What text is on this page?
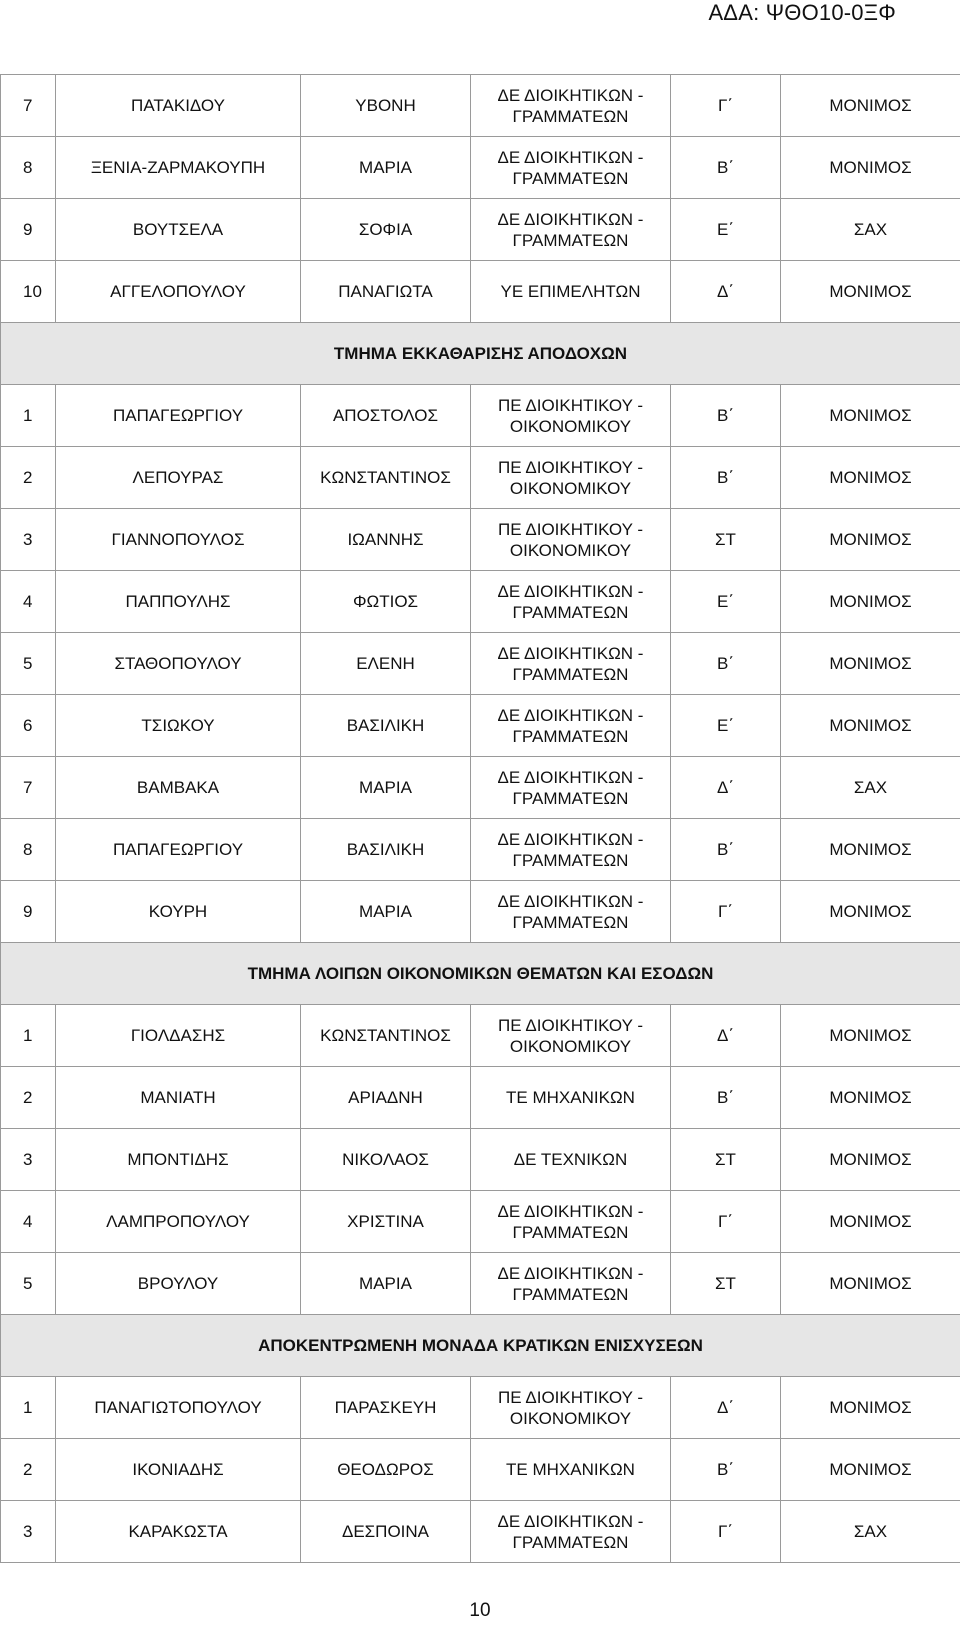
ΑΔΑ: ΨΘΟ10-0ΞΦ
7	ΠΑΤΑΚΙΔΟΥ	ΥΒΟΝΗ	ΔΕ ΔΙΟΙΚΗΤΙΚΩΝ -
ΓΡΑΜΜΑΤΕΩΝ	Γ΄	ΜΟΝΙΜΟΣ
8	ΞΕΝΙΑ-ΖΑΡΜΑΚΟΥΠΗ	ΜΑΡΙΑ	ΔΕ ΔΙΟΙΚΗΤΙΚΩΝ -
ΓΡΑΜΜΑΤΕΩΝ	Β΄	ΜΟΝΙΜΟΣ
9	ΒΟΥΤΣΕΛΑ	ΣΟΦΙΑ	ΔΕ ΔΙΟΙΚΗΤΙΚΩΝ -
ΓΡΑΜΜΑΤΕΩΝ	Ε΄	ΣΑΧ
10	ΑΓΓΕΛΟΠΟΥΛΟΥ	ΠΑΝΑΓΙΩΤΑ	ΥΕ ΕΠΙΜΕΛΗΤΩΝ	Δ΄	ΜΟΝΙΜΟΣ
ΤΜΗΜΑ ΕΚΚΑΘΑΡΙΣΗΣ ΑΠΟΔΟΧΩΝ					
1	ΠΑΠΑΓΕΩΡΓΙΟΥ	ΑΠΟΣΤΟΛΟΣ	ΠΕ ΔΙΟΙΚΗΤΙΚΟΥ -
ΟΙΚΟΝΟΜΙΚΟΥ	Β΄	ΜΟΝΙΜΟΣ
2	ΛΕΠΟΥΡΑΣ	ΚΩΝΣΤΑΝΤΙΝΟΣ	ΠΕ ΔΙΟΙΚΗΤΙΚΟΥ -
ΟΙΚΟΝΟΜΙΚΟΥ	Β΄	ΜΟΝΙΜΟΣ
3	ΓΙΑΝΝΟΠΟΥΛΟΣ	ΙΩΑΝΝΗΣ	ΠΕ ΔΙΟΙΚΗΤΙΚΟΥ -
ΟΙΚΟΝΟΜΙΚΟΥ	ΣΤ	ΜΟΝΙΜΟΣ
4	ΠΑΠΠΟΥΛΗΣ	ΦΩΤΙΟΣ	ΔΕ ΔΙΟΙΚΗΤΙΚΩΝ -
ΓΡΑΜΜΑΤΕΩΝ	Ε΄	ΜΟΝΙΜΟΣ
5	ΣΤΑΘΟΠΟΥΛΟΥ	ΕΛΕΝΗ	ΔΕ ΔΙΟΙΚΗΤΙΚΩΝ -
ΓΡΑΜΜΑΤΕΩΝ	Β΄	ΜΟΝΙΜΟΣ
6	ΤΣΙΩΚΟΥ	ΒΑΣΙΛΙΚΗ	ΔΕ ΔΙΟΙΚΗΤΙΚΩΝ -
ΓΡΑΜΜΑΤΕΩΝ	Ε΄	ΜΟΝΙΜΟΣ
7	ΒΑΜΒΑΚΑ	ΜΑΡΙΑ	ΔΕ ΔΙΟΙΚΗΤΙΚΩΝ -
ΓΡΑΜΜΑΤΕΩΝ	Δ΄	ΣΑΧ
8	ΠΑΠΑΓΕΩΡΓΙΟΥ	ΒΑΣΙΛΙΚΗ	ΔΕ ΔΙΟΙΚΗΤΙΚΩΝ -
ΓΡΑΜΜΑΤΕΩΝ	Β΄	ΜΟΝΙΜΟΣ
9	ΚΟΥΡΗ	ΜΑΡΙΑ	ΔΕ ΔΙΟΙΚΗΤΙΚΩΝ -
ΓΡΑΜΜΑΤΕΩΝ	Γ΄	ΜΟΝΙΜΟΣ
ΤΜΗΜΑ ΛΟΙΠΩΝ ΟΙΚΟΝΟΜΙΚΩΝ ΘΕΜΑΤΩΝ ΚΑΙ ΕΣΟΔΩΝ					
1	ΓΙΟΛΔΑΣΗΣ	ΚΩΝΣΤΑΝΤΙΝΟΣ	ΠΕ ΔΙΟΙΚΗΤΙΚΟΥ -
ΟΙΚΟΝΟΜΙΚΟΥ	Δ΄	ΜΟΝΙΜΟΣ
2	ΜΑΝΙΑΤΗ	ΑΡΙΑΔΝΗ	ΤΕ ΜΗΧΑΝΙΚΩΝ	Β΄	ΜΟΝΙΜΟΣ
3	ΜΠΟΝΤΙΔΗΣ	ΝΙΚΟΛΑΟΣ	ΔΕ ΤΕΧΝΙΚΩΝ	ΣΤ	ΜΟΝΙΜΟΣ
4	ΛΑΜΠΡΟΠΟΥΛΟΥ	ΧΡΙΣΤΙΝΑ	ΔΕ ΔΙΟΙΚΗΤΙΚΩΝ -
ΓΡΑΜΜΑΤΕΩΝ	Γ΄	ΜΟΝΙΜΟΣ
5	ΒΡΟΥΛΟΥ	ΜΑΡΙΑ	ΔΕ ΔΙΟΙΚΗΤΙΚΩΝ -
ΓΡΑΜΜΑΤΕΩΝ	ΣΤ	ΜΟΝΙΜΟΣ
ΑΠΟΚΕΝΤΡΩΜΕΝΗ ΜΟΝΑΔΑ ΚΡΑΤΙΚΩΝ ΕΝΙΣΧΥΣΕΩΝ					
1	ΠΑΝΑΓΙΩΤΟΠΟΥΛΟΥ	ΠΑΡΑΣΚΕΥΗ	ΠΕ ΔΙΟΙΚΗΤΙΚΟΥ -
ΟΙΚΟΝΟΜΙΚΟΥ	Δ΄	ΜΟΝΙΜΟΣ
2	ΙΚΟΝΙΑΔΗΣ	ΘΕΟΔΩΡΟΣ	ΤΕ ΜΗΧΑΝΙΚΩΝ	Β΄	ΜΟΝΙΜΟΣ
3	ΚΑΡΑΚΩΣΤΑ	ΔΕΣΠΟΙΝΑ	ΔΕ ΔΙΟΙΚΗΤΙΚΩΝ -
ΓΡΑΜΜΑΤΕΩΝ	Γ΄	ΣΑΧ
10
